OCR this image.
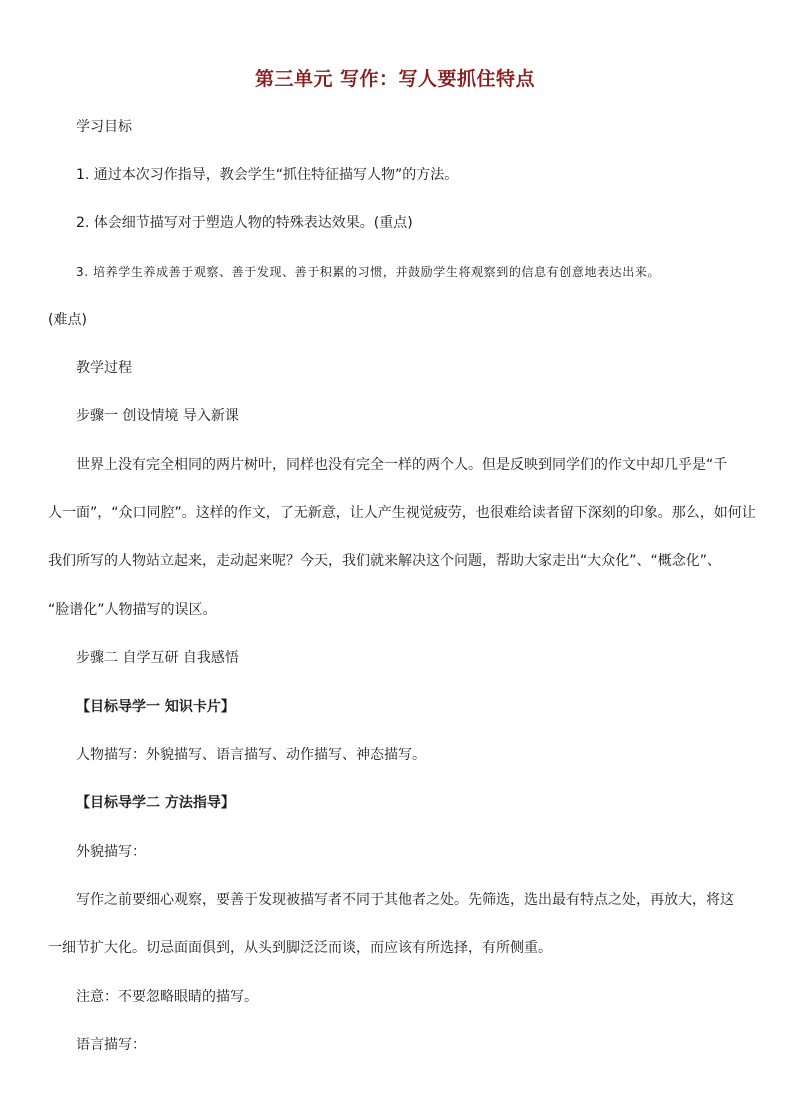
第三单元 写作：写人要抓住特点
学习目标
1. 通过本次习作指导，教会学生“抓住特征描写人物”的方法。
2. 体会细节描写对于塑造人物的特殊表达效果。(重点)
3. 培养学生养成善于观察、善于发现、善于积累的习惯，并鼓励学生将观察到的信息有创意地表达出来。
(难点)
教学过程
步骤一 创设情境 导入新课
世界上没有完全相同的两片树叶，同样也没有完全一样的两个人。但是反映到同学们的作文中却几乎是“千
人一面”，“众口同腔”。这样的作文，了无新意，让人产生视觉疲劳，也很难给读者留下深刻的印象。那么，如何让
我们所写的人物站立起来，走动起来呢？今天，我们就来解决这个问题，帮助大家走出“大众化”、“概念化”、
“脸谱化”人物描写的误区。
步骤二 自学互研 自我感悟
【目标导学一 知识卡片】
人物描写：外貌描写、语言描写、动作描写、神态描写。
【目标导学二 方法指导】
外貌描写：
写作之前要细心观察，要善于发现被描写者不同于其他者之处。先筛选，选出最有特点之处，再放大，将这
一细节扩大化。切忌面面俱到，从头到脚泛泛而谈，而应该有所选择，有所侧重。
注意：不要忽略眼睛的描写。
语言描写：
